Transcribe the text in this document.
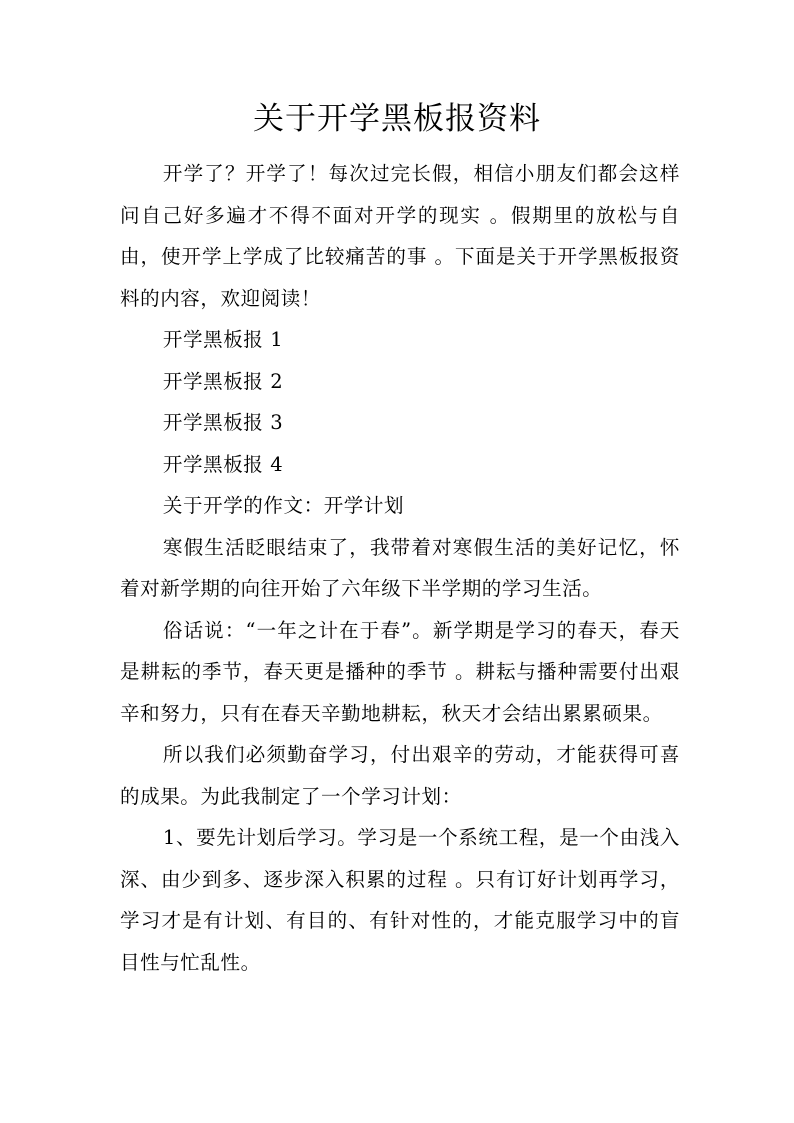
关于开学黑板报资料

开学了？开学了！每次过完长假，相信小朋友们都会这样问自己好多遍才不得不面对开学的现实 。假期里的放松与自由，使开学上学成了比较痛苦的事 。下面是关于开学黑板报资料的内容，欢迎阅读！

开学黑板报 1

开学黑板报 2

开学黑板报 3

开学黑板报 4

关于开学的作文：开学计划

寒假生活眨眼结束了，我带着对寒假生活的美好记忆，怀着对新学期的向往开始了六年级下半学期的学习生活。

俗话说：“一年之计在于春”。新学期是学习的春天，春天是耕耘的季节，春天更是播种的季节 。耕耘与播种需要付出艰辛和努力，只有在春天辛勤地耕耘，秋天才会结出累累硕果。

所以我们必须勤奋学习，付出艰辛的劳动，才能获得可喜的成果。为此我制定了一个学习计划：

1、要先计划后学习。学习是一个系统工程，是一个由浅入深、由少到多、逐步深入积累的过程 。只有订好计划再学习，学习才是有计划、有目的、有针对性的，才能克服学习中的盲目性与忙乱性。
